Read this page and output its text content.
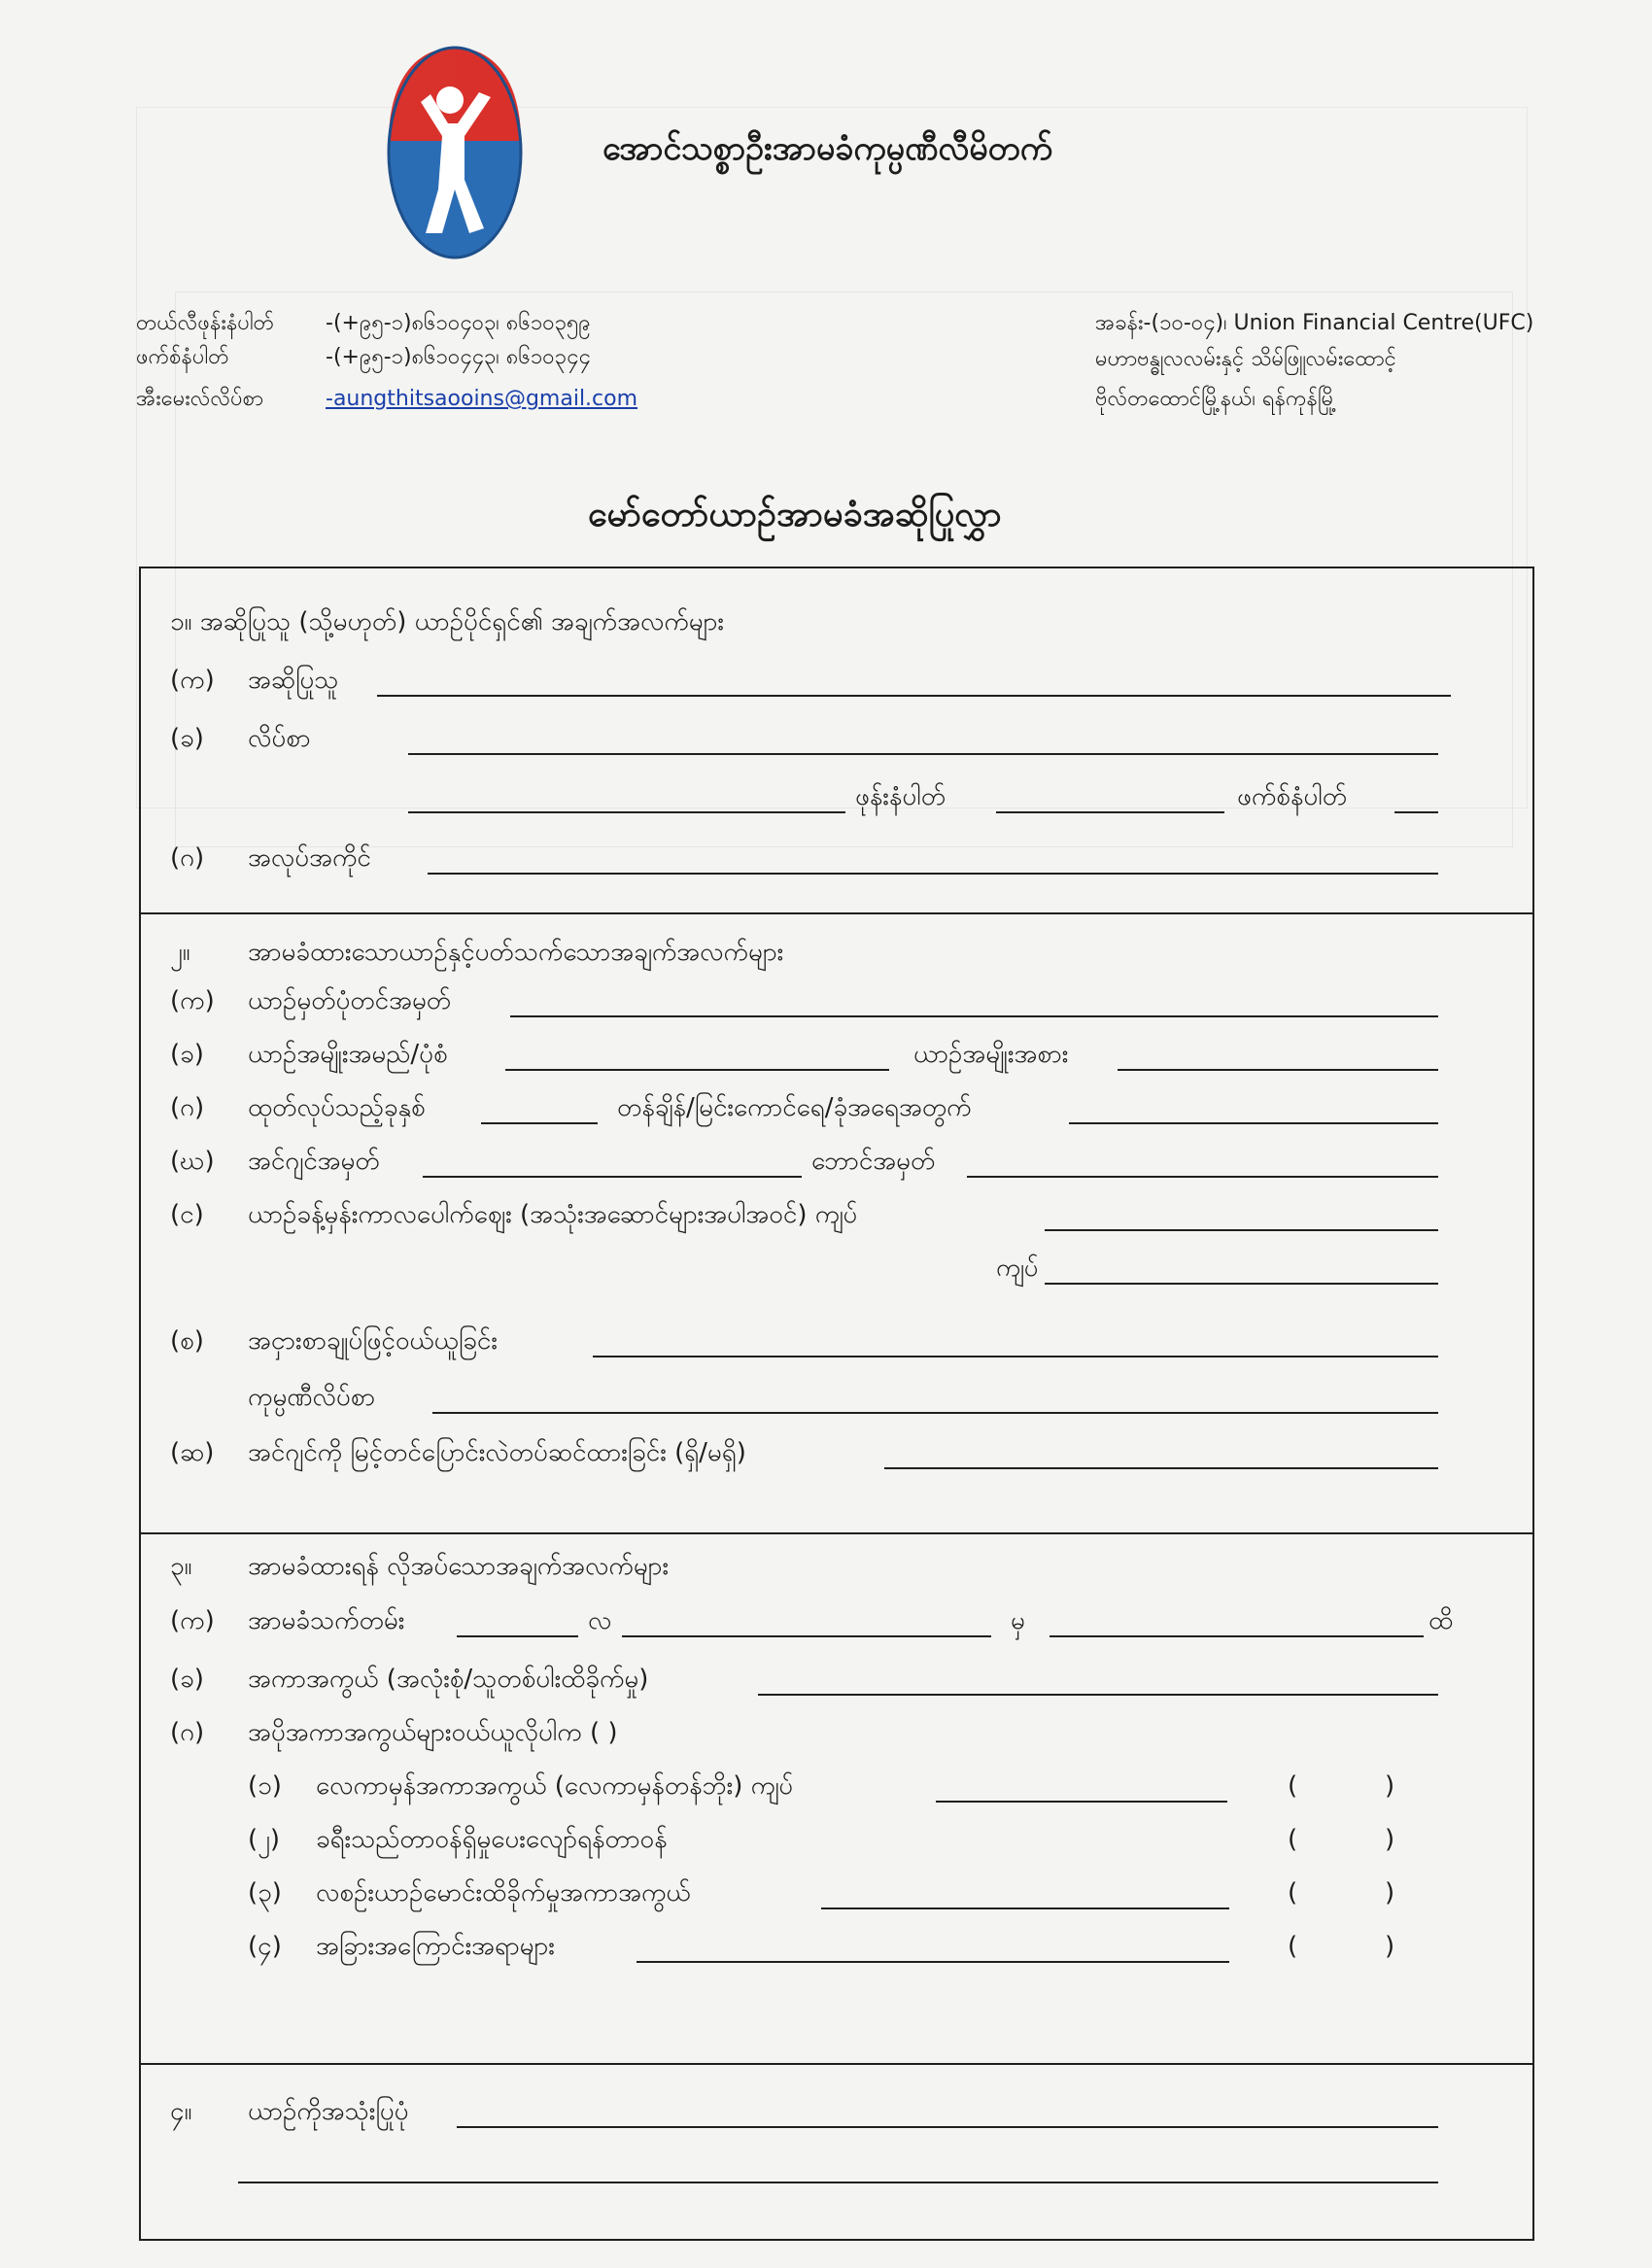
အောင်သစ္စာဦးအာမခံကုမ္ပဏီလီမိတက်
တယ်လီဖုန်းနံပါတ် -(+၉၅-၁)၈၆၁၀၄၀၃၊ ၈၆၁၀၃၅၉
ဖက်စ်နံပါတ်	-(+၉၅-၁)၈၆၁၀၄၄၃၊ ၈၆၁၀၃၄၄
အီးမေးလ်လိပ်စာ	-aungthitsaooins@gmail.com
အခန်း-(၁၀-၀၄)၊ Union Financial Centre(UFC)
မဟာဗန္ဓုလလမ်းနှင့် သိမ်ဖြူလမ်းထောင့်
ဗိုလ်တထောင်မြို့နယ်၊ ရန်ကုန်မြို့
မော်တော်ယာဉ်အာမခံအဆိုပြုလွှာ
၁။ အဆိုပြုသူ (သို့မဟုတ်) ယာဉ်ပိုင်ရှင်၏ အချက်အလက်များ
(က) အဆိုပြုသူ
(ခ) လိပ်စာ
ဖုန်းနံပါတ်	ဖက်စ်နံပါတ်
(ဂ) အလုပ်အကိုင်
၂။ အာမခံထားသောယာဉ်နှင့်ပတ်သက်သောအချက်အလက်များ
(က) ယာဉ်မှတ်ပုံတင်အမှတ်
(ခ) ယာဉ်အမျိုးအမည်/ပုံစံ	ယာဉ်အမျိုးအစား
(ဂ) ထုတ်လုပ်သည့်ခုနှစ်	တန်ချိန်/မြင်းကောင်ရေ/ခုံအရေအတွက်
(ဃ) အင်ဂျင်အမှတ်	ဘောင်အမှတ်
(င) ယာဉ်ခန့်မှန်းကာလပေါက်ဈေး (အသုံးအဆောင်များအပါအဝင်) ကျပ်
ကျပ်
(စ) အငှားစာချုပ်ဖြင့်ဝယ်ယူခြင်း
ကုမ္ပဏီလိပ်စာ
(ဆ) အင်ဂျင်ကို မြင့်တင်ပြောင်းလဲတပ်ဆင်ထားခြင်း (ရှိ/မရှိ)
၃။ အာမခံထားရန် လိုအပ်သောအချက်အလက်များ
(က) အာမခံသက်တမ်း	လ	မှ	ထိ
(ခ) အကာအကွယ် (အလုံးစုံ/သူတစ်ပါးထိခိုက်မှု)
(ဂ) အပိုအကာအကွယ်များဝယ်ယူလိုပါက ( )
(၁) လေကာမှန်အကာအကွယ် (လေကာမှန်တန်ဘိုး) ကျပ်	(	)
(၂) ခရီးသည်တာဝန်ရှိမှုပေးလျော်ရန်တာဝန်	(	)
(၃) လစဉ်းယာဉ်မောင်းထိခိုက်မှုအကာအကွယ်	(	)
(၄) အခြားအကြောင်းအရာများ	(	)
၄။ ယာဉ်ကိုအသုံးပြုပုံ
